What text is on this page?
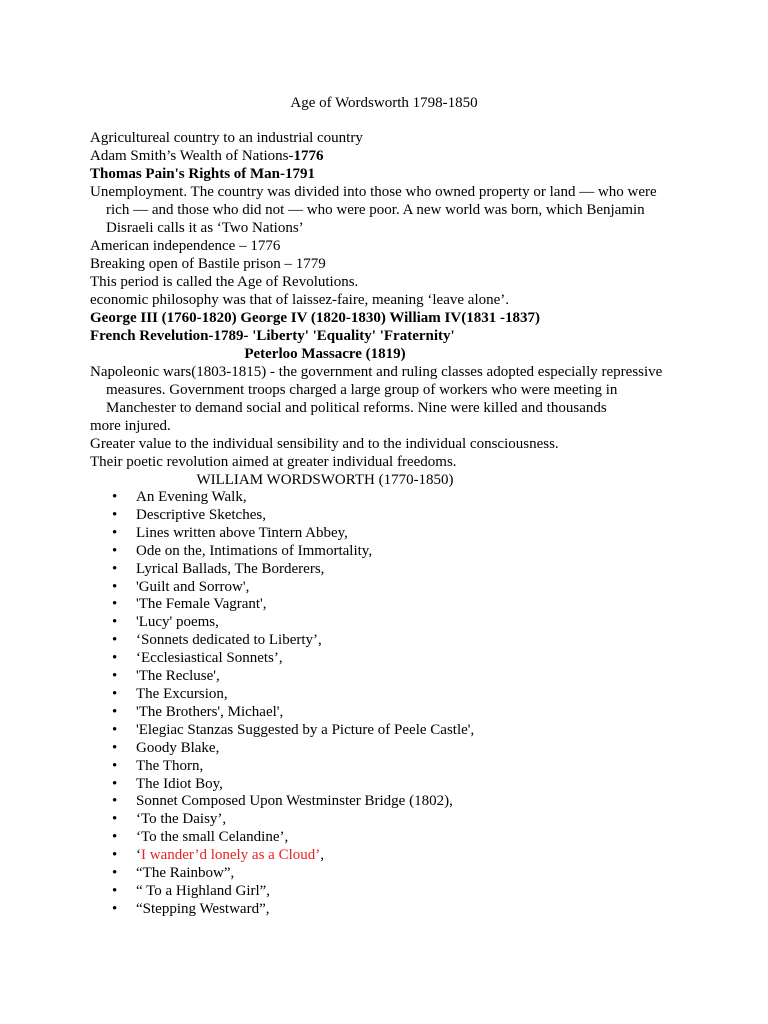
Age of Wordsworth 1798-1850

Agricultureal country to an industrial country

Adam Smith’s Wealth of Nations-1776

Thomas Pain's Rights of Man-1791

Unemployment. The country was divided into those who owned property or land — who were rich — and those who did not — who were poor. A new world was born, which Benjamin Disraeli calls it as ‘Two Nations’

American independence – 1776

Breaking open of Bastile prison – 1779

This period is called the Age of Revolutions.

economic philosophy was that of laissez-faire, meaning ‘leave alone’.

George III (1760-1820) George IV (1820-1830) William IV(1831 -1837)

French Revelution-1789- 'Liberty' 'Equality' 'Fraternity'

Peterloo Massacre (1819)

Napoleonic wars(1803-1815) - the government and ruling classes adopted especially repressive measures. Government troops charged a large group of workers who were meeting in Manchester to demand social and political reforms. Nine were killed and thousands

more injured.

Greater value to the individual sensibility and to the individual consciousness.

Their poetic revolution aimed at greater individual freedoms.

WILLIAM WORDSWORTH (1770-1850)

• An Evening Walk,
• Descriptive Sketches,
• Lines written above Tintern Abbey,
• Ode on the, Intimations of Immortality,
• Lyrical Ballads, The Borderers,
• 'Guilt and Sorrow',
• 'The Female Vagrant',
• 'Lucy' poems,
• ‘Sonnets dedicated to Liberty’,
• ‘Ecclesiastical Sonnets’,
• 'The Recluse',
• The Excursion,
• 'The Brothers', Michael',
• 'Elegiac Stanzas Suggested by a Picture of Peele Castle',
• Goody Blake,
• The Thorn,
• The Idiot Boy,
• Sonnet Composed Upon Westminster Bridge (1802),
• ‘To the Daisy’,
• ‘To the small Celandine’,
• ‘I wander’d lonely as a Cloud’,
• “The Rainbow”,
• “ To a Highland Girl”,
• “Stepping Westward”,
